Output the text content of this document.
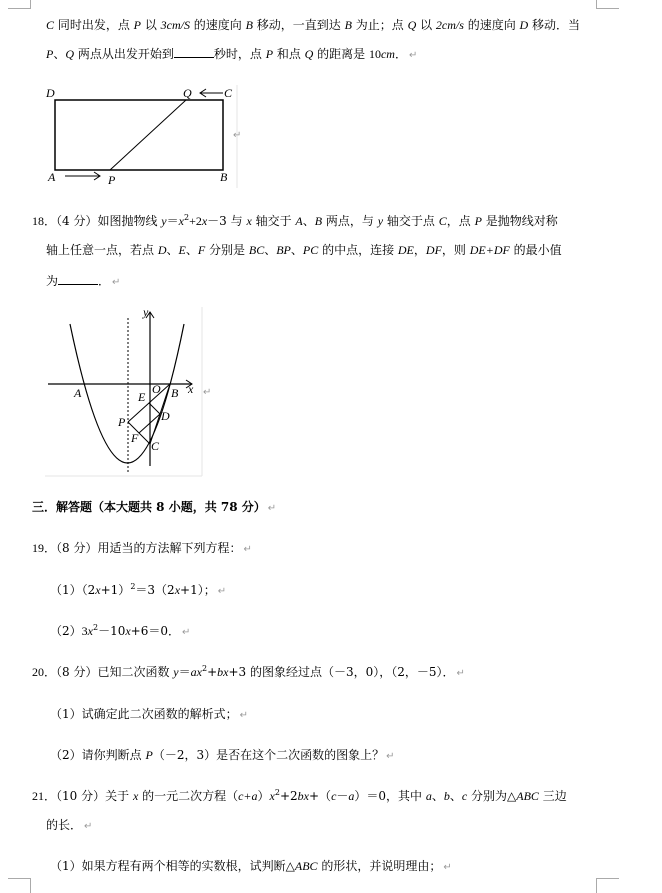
C 同时出发，点 P 以 3cm/S 的速度向 B 移动，一直到达 B 为止；点 Q 以 2cm/s 的速度向 D 移动．当
P、Q 两点从出发开始到	秒时，点 P 和点 Q 的距离是 10cm． ↵
D	Q	C
A	P	B
↵
18．（4 分）如图抛物线 $y=x^2+2x-3$ 与 x 轴交于 A、B 两点，与 y 轴交于点 C，点 P 是抛物线对称
轴上任意一点，若点 D、E、F 分别是 BC、BP、PC 的中点，连接 DE，DF，则 DE+DF 的最小值
为	． ↵
x
y
A	B
O
E
D
P
F
C
↵
三．解答题（本大题共 8 小题，共 78 分） ↵
19．（8 分）用适当的方法解下列方程： ↵
$(1)(2x+1)^2=3(2x+1)$； ↵
$(2)3x^2-10x+6=0$． ↵
20．（8 分）已知二次函数 $y=ax^2+bx+3$ 的图象经过点（－3，0），（2，－5）． ↵
（1）试确定此二次函数的解析式； ↵
（2）请你判断点 P（－2，3）是否在这个二次函数的图象上？ ↵
21．（10 分）关于 x 的一元二次方程$(c+a)x^2+2bx+(c-a)=0$，其中 a、b、c 分别为△ABC 三边
的长． ↵
（1）如果方程有两个相等的实数根，试判断△ABC 的形状，并说明理由； ↵
